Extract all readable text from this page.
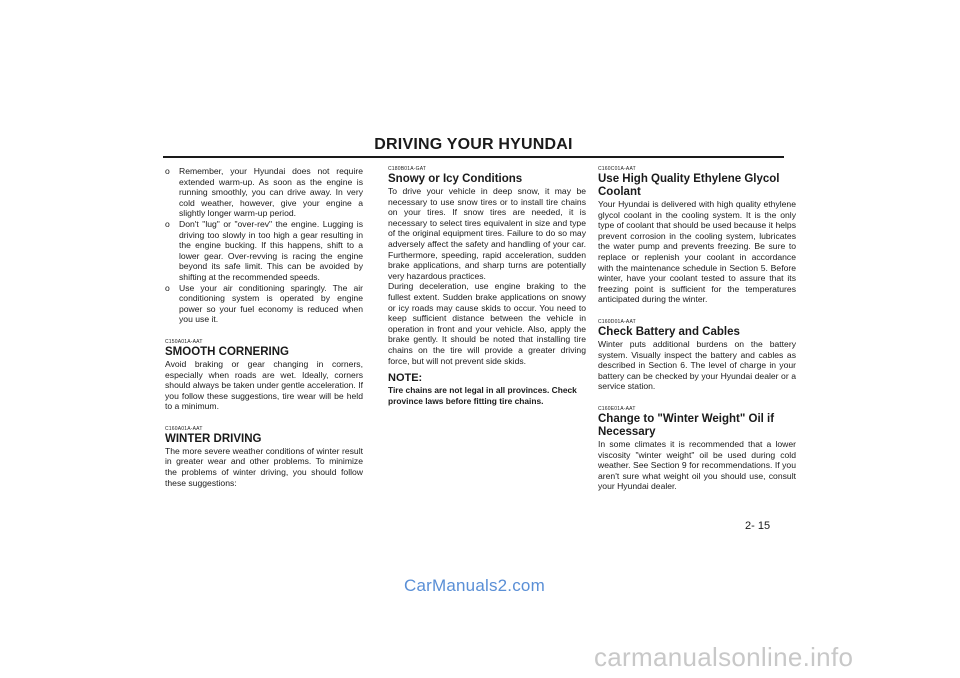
DRIVING YOUR HYUNDAI
o	Remember, your Hyundai does not require extended warm-up. As soon as the engine is running smoothly, you can drive away. In very cold weather, however, give your engine a slightly longer warm-up period.
o	Don't "lug" or "over-rev" the engine. Lugging is driving too slowly in too high a gear resulting in the engine bucking. If this happens, shift to a lower gear. Over-revving is racing the engine beyond its safe limit. This can be avoided by shifting at the recommended speeds.
o	Use your air conditioning sparingly. The air conditioning system is operated by engine power so your fuel economy is reduced when you use it.
C150A01A-AAT
SMOOTH CORNERING

Avoid braking or gear changing in corners, especially when roads are wet. Ideally, corners should always be taken under gentle acceleration. If you follow these suggestions, tire wear will be held to a minimum.

C160A01A-AAT
WINTER DRIVING

The more severe weather conditions of winter result in greater wear and other problems. To minimize the problems of winter driving, you should follow these suggestions:

C180B01A-GAT
Snowy or Icy Conditions

To drive your vehicle in deep snow, it may be necessary to use snow tires or to install tire chains on your tires. If snow tires are needed, it is necessary to select tires equivalent in size and type of the original equipment tires. Failure to do so may adversely affect the safety and handling of your car. Furthermore, speeding, rapid acceleration, sudden brake applications, and sharp turns are potentially very hazardous practices.

During deceleration, use engine braking to the fullest extent. Sudden brake applications on snowy or icy roads may cause skids to occur. You need to keep sufficient distance between the vehicle in operation in front and your vehicle. Also, apply the brake gently. It should be noted that installing tire chains on the tire will provide a greater driving force, but will not prevent side skids.

NOTE:
Tire chains are not legal in all provinces. Check province laws before fitting tire chains.
C160C01A-AAT
Use High Quality Ethylene Glycol Coolant

Your Hyundai is delivered with high quality ethylene glycol coolant in the cooling system. It is the only type of coolant that should be used because it helps prevent corrosion in the cooling system, lubricates the water pump and prevents freezing. Be sure to replace or replenish your coolant in accordance with the maintenance schedule in Section 5. Before winter, have your coolant tested to assure that its freezing point is sufficient for the temperatures anticipated during the winter.

C160D01A-AAT
Check Battery and Cables

Winter puts additional burdens on the battery system. Visually inspect the battery and cables as described in Section 6. The level of charge in your battery can be checked by your Hyundai dealer or a service station.

C160E01A-AAT
Change to "Winter Weight" Oil if Necessary

In some climates it is recommended that a lower viscosity "winter weight" oil be used during cold weather. See Section 9 for recommendations. If you aren't sure what weight oil you should use, consult your Hyundai dealer.

2- 15
CarManuals2.com
carmanualsonline.info
